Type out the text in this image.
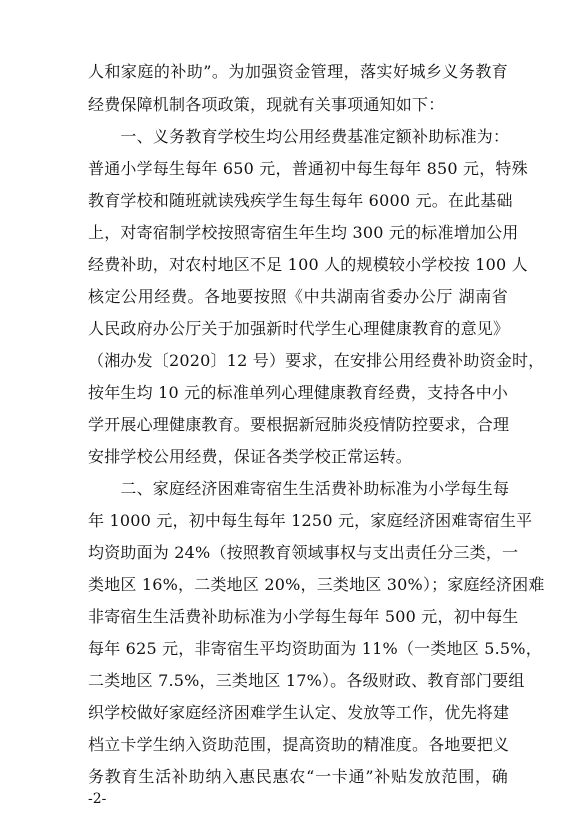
人和家庭的补助”。为加强资金管理，落实好城乡义务教育
经费保障机制各项政策，现就有关事项通知如下：
　　一、义务教育学校生均公用经费基准定额补助标准为：
普通小学每生每年 650 元，普通初中每生每年 850 元，特殊
教育学校和随班就读残疾学生每生每年 6000 元。在此基础
上，对寄宿制学校按照寄宿生年生均 300 元的标准增加公用
经费补助，对农村地区不足 100 人的规模较小学校按 100 人
核定公用经费。各地要按照《中共湖南省委办公厅 湖南省
人民政府办公厅关于加强新时代学生心理健康教育的意见》
（湘办发〔2020〕12 号）要求，在安排公用经费补助资金时，
按年生均 10 元的标准单列心理健康教育经费，支持各中小
学开展心理健康教育。要根据新冠肺炎疫情防控要求，合理
安排学校公用经费，保证各类学校正常运转。
　　二、家庭经济困难寄宿生生活费补助标准为小学每生每
年 1000 元，初中每生每年 1250 元，家庭经济困难寄宿生平
均资助面为 24%（按照教育领域事权与支出责任分三类，一
类地区 16%，二类地区 20%，三类地区 30%）；家庭经济困难
非寄宿生生活费补助标准为小学每生每年 500 元，初中每生
每年 625 元，非寄宿生平均资助面为 11%（一类地区 5.5%，
二类地区 7.5%，三类地区 17%）。各级财政、教育部门要组
织学校做好家庭经济困难学生认定、发放等工作，优先将建
档立卡学生纳入资助范围，提高资助的精准度。各地要把义
务教育生活补助纳入惠民惠农“一卡通”补贴发放范围，确
-2-
